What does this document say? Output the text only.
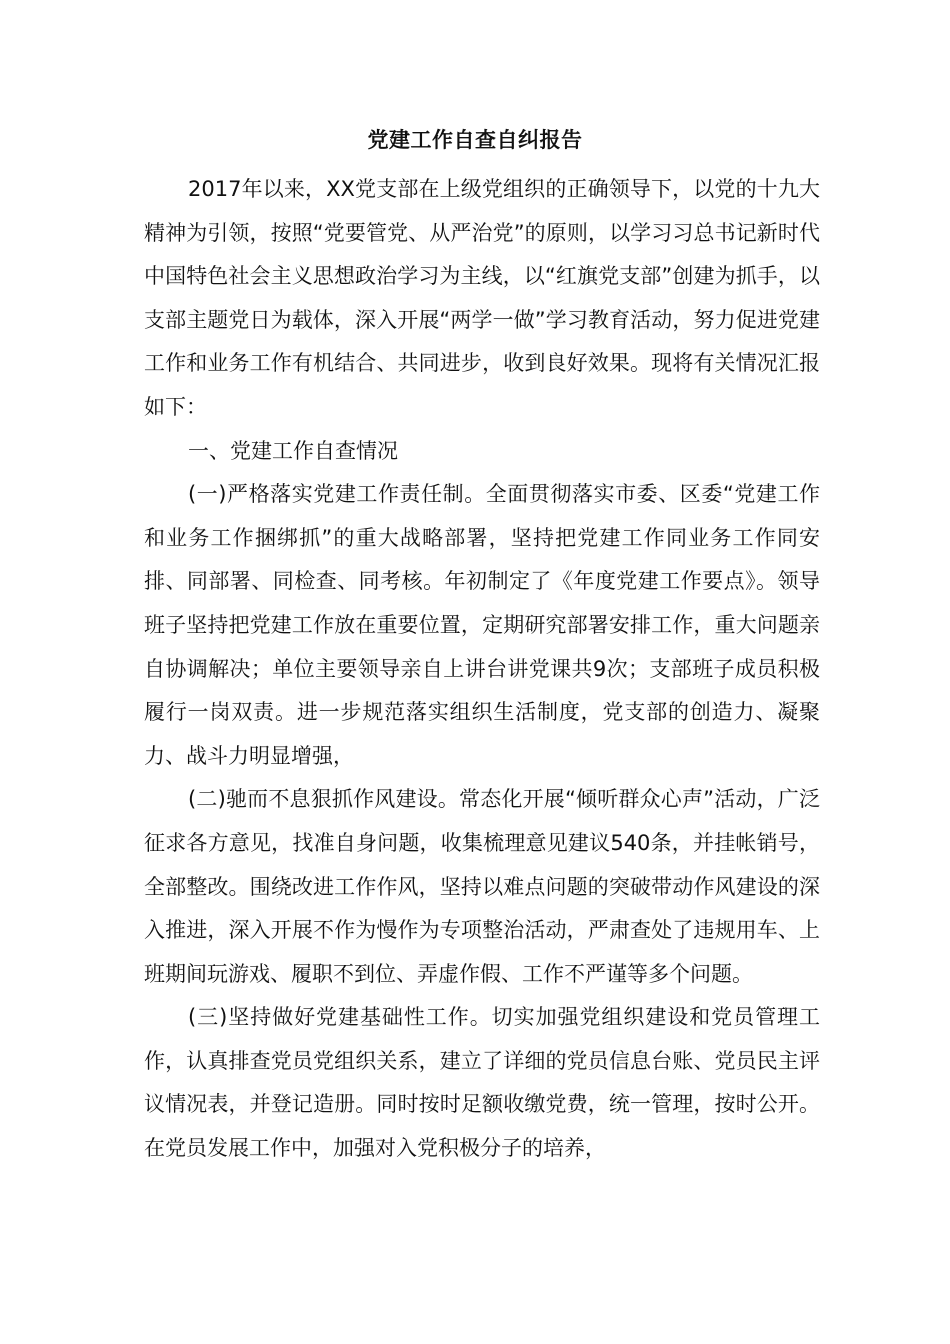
党建工作自查自纠报告

2017年以来，XX党支部在上级党组织的正确领导下，以党的十九大精神为引领，按照“党要管党、从严治党”的原则，以学习习总书记新时代中国特色社会主义思想政治学习为主线，以“红旗党支部”创建为抓手，以支部主题党日为载体，深入开展“两学一做”学习教育活动，努力促进党建工作和业务工作有机结合、共同进步，收到良好效果。现将有关情况汇报如下：

一、党建工作自查情况

(一)严格落实党建工作责任制。全面贯彻落实市委、区委“党建工作和业务工作捆绑抓”的重大战略部署，坚持把党建工作同业务工作同安排、同部署、同检查、同考核。年初制定了《年度党建工作要点》。领导班子坚持把党建工作放在重要位置，定期研究部署安排工作，重大问题亲自协调解决；单位主要领导亲自上讲台讲党课共9次；支部班子成员积极履行一岗双责。进一步规范落实组织生活制度，党支部的创造力、凝聚力、战斗力明显增强，

(二)驰而不息狠抓作风建设。常态化开展“倾听群众心声”活动，广泛征求各方意见，找准自身问题，收集梳理意见建议540条，并挂帐销号，全部整改。围绕改进工作作风，坚持以难点问题的突破带动作风建设的深入推进，深入开展不作为慢作为专项整治活动，严肃查处了违规用车、上班期间玩游戏、履职不到位、弄虚作假、工作不严谨等多个问题。

(三)坚持做好党建基础性工作。切实加强党组织建设和党员管理工作，认真排查党员党组织关系，建立了详细的党员信息台账、党员民主评议情况表，并登记造册。同时按时足额收缴党费，统一管理，按时公开。在党员发展工作中，加强对入党积极分子的培养，
